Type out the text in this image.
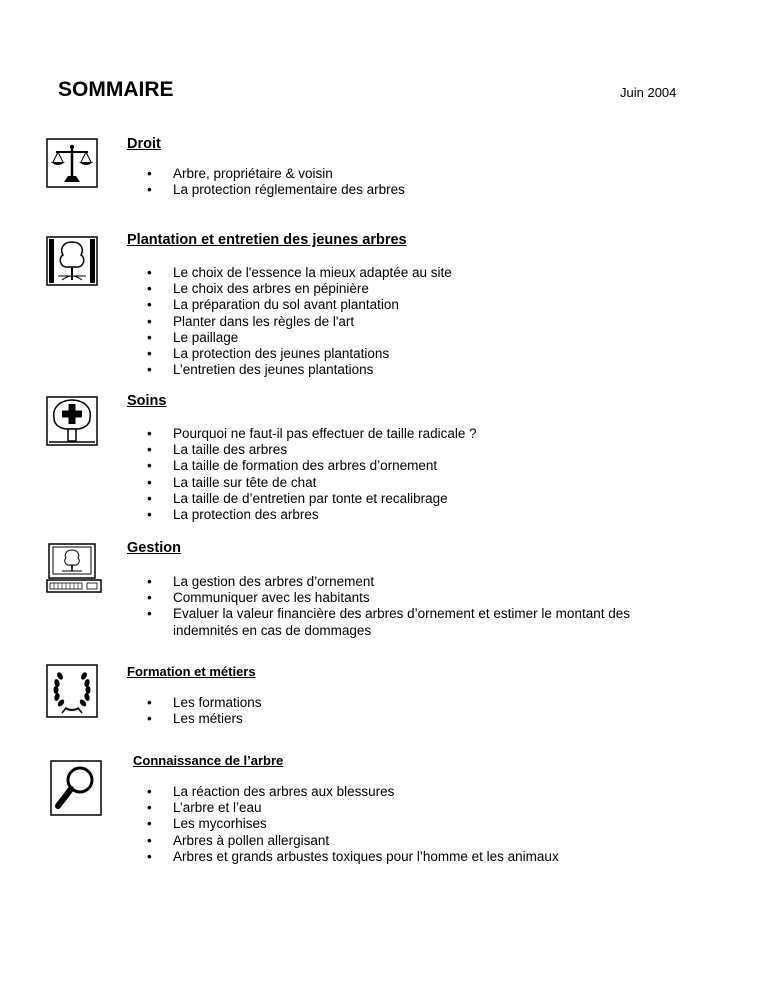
SOMMAIRE	Juin 2004
Droit
• Arbre, propriétaire & voisin
• La protection réglementaire des arbres
Plantation et entretien des jeunes arbres
• Le choix de l'essence la mieux adaptée au site
• Le choix des arbres en pépinière
• La préparation du sol avant plantation
• Planter dans les règles de l'art
• Le paillage
• La protection des jeunes plantations
• L’entretien des jeunes plantations
Soins
• Pourquoi ne faut-il pas effectuer de taille radicale ?
• La taille des arbres
• La taille de formation des arbres d’ornement
• La taille sur tête de chat
• La taille de d’entretien par tonte et recalibrage
• La protection des arbres
Gestion
• La gestion des arbres d’ornement
• Communiquer avec les habitants
• Evaluer la valeur financière des arbres d’ornement et estimer le montant des indemnités en cas de dommages
Formation et métiers
• Les formations
• Les métiers
Connaissance de l’arbre
• La réaction des arbres aux blessures
• L’arbre et l’eau
• Les mycorhises
• Arbres à pollen allergisant
• Arbres et grands arbustes toxiques pour l’homme et les animaux
